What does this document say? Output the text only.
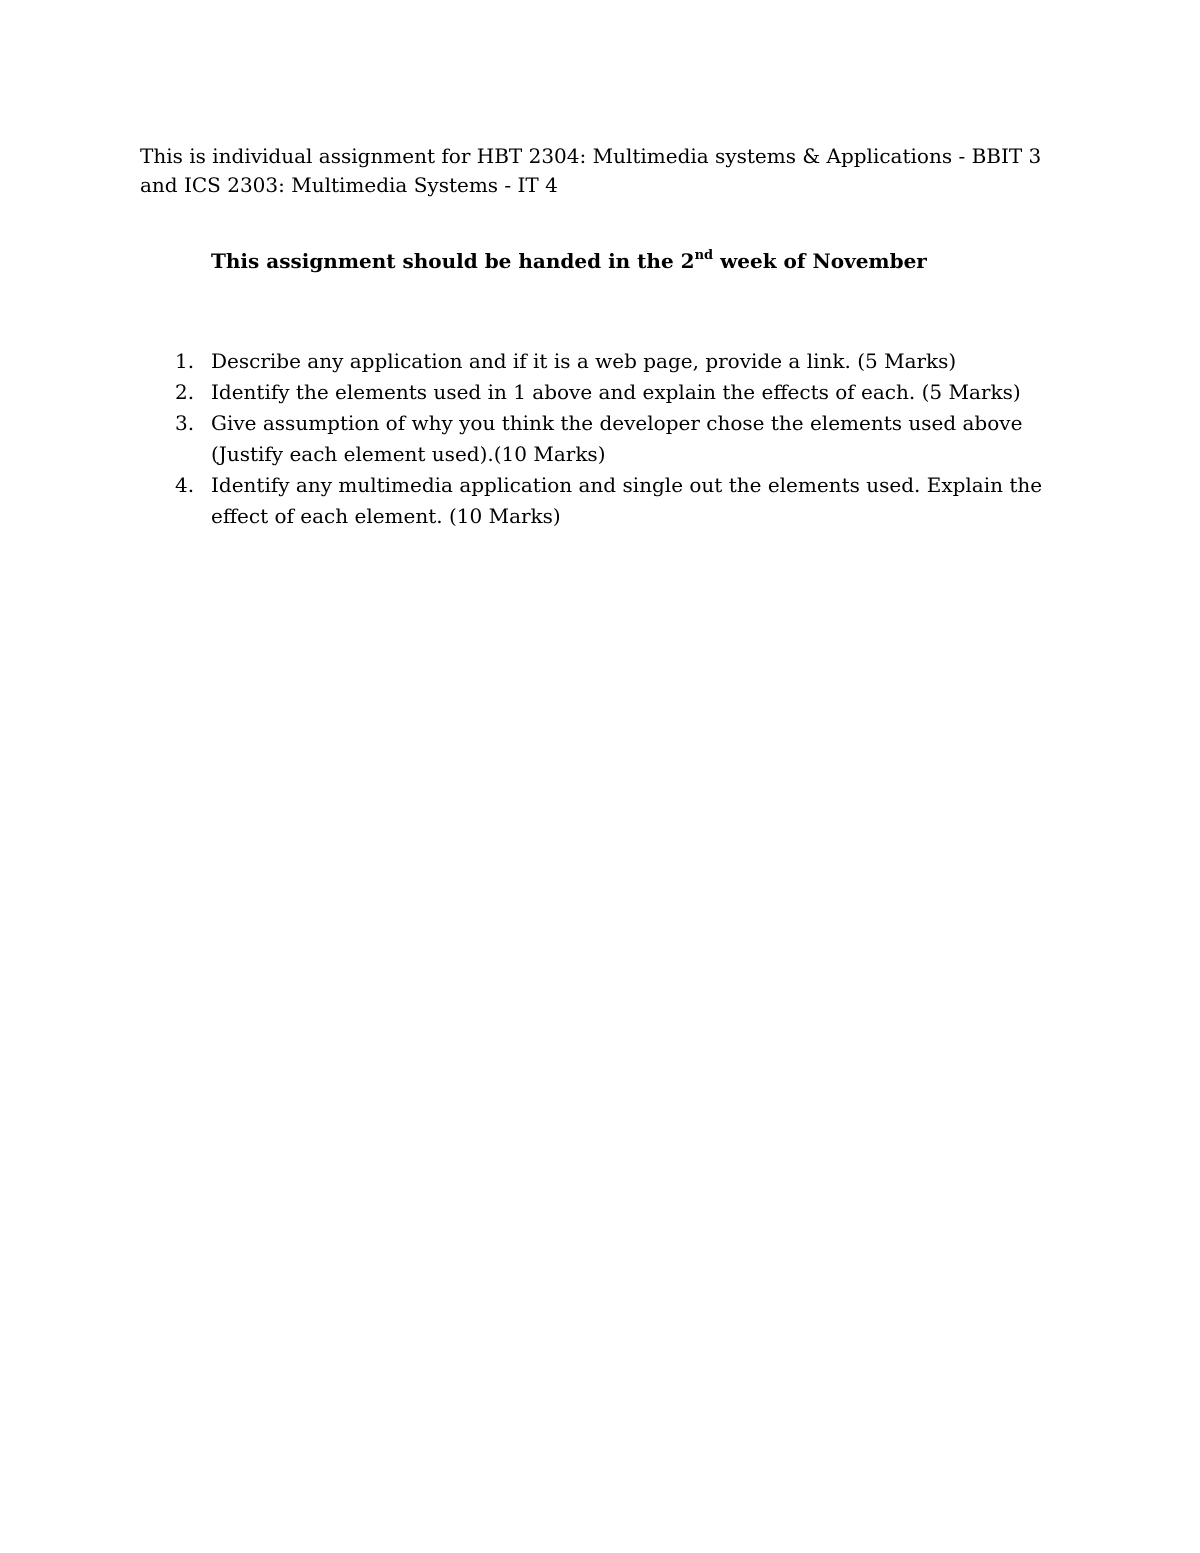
This is individual assignment for HBT 2304: Multimedia systems & Applications - BBIT 3 and ICS 2303: Multimedia Systems - IT 4

This assignment should be handed in the 2nd week of November

1. Describe any application and if it is a web page, provide a link. (5 Marks)
2. Identify the elements used in 1 above and explain the effects of each. (5 Marks)
3. Give assumption of why you think the developer chose the elements used above (Justify each element used).(10 Marks)
4. Identify any multimedia application and single out the elements used. Explain the effect of each element. (10 Marks)
